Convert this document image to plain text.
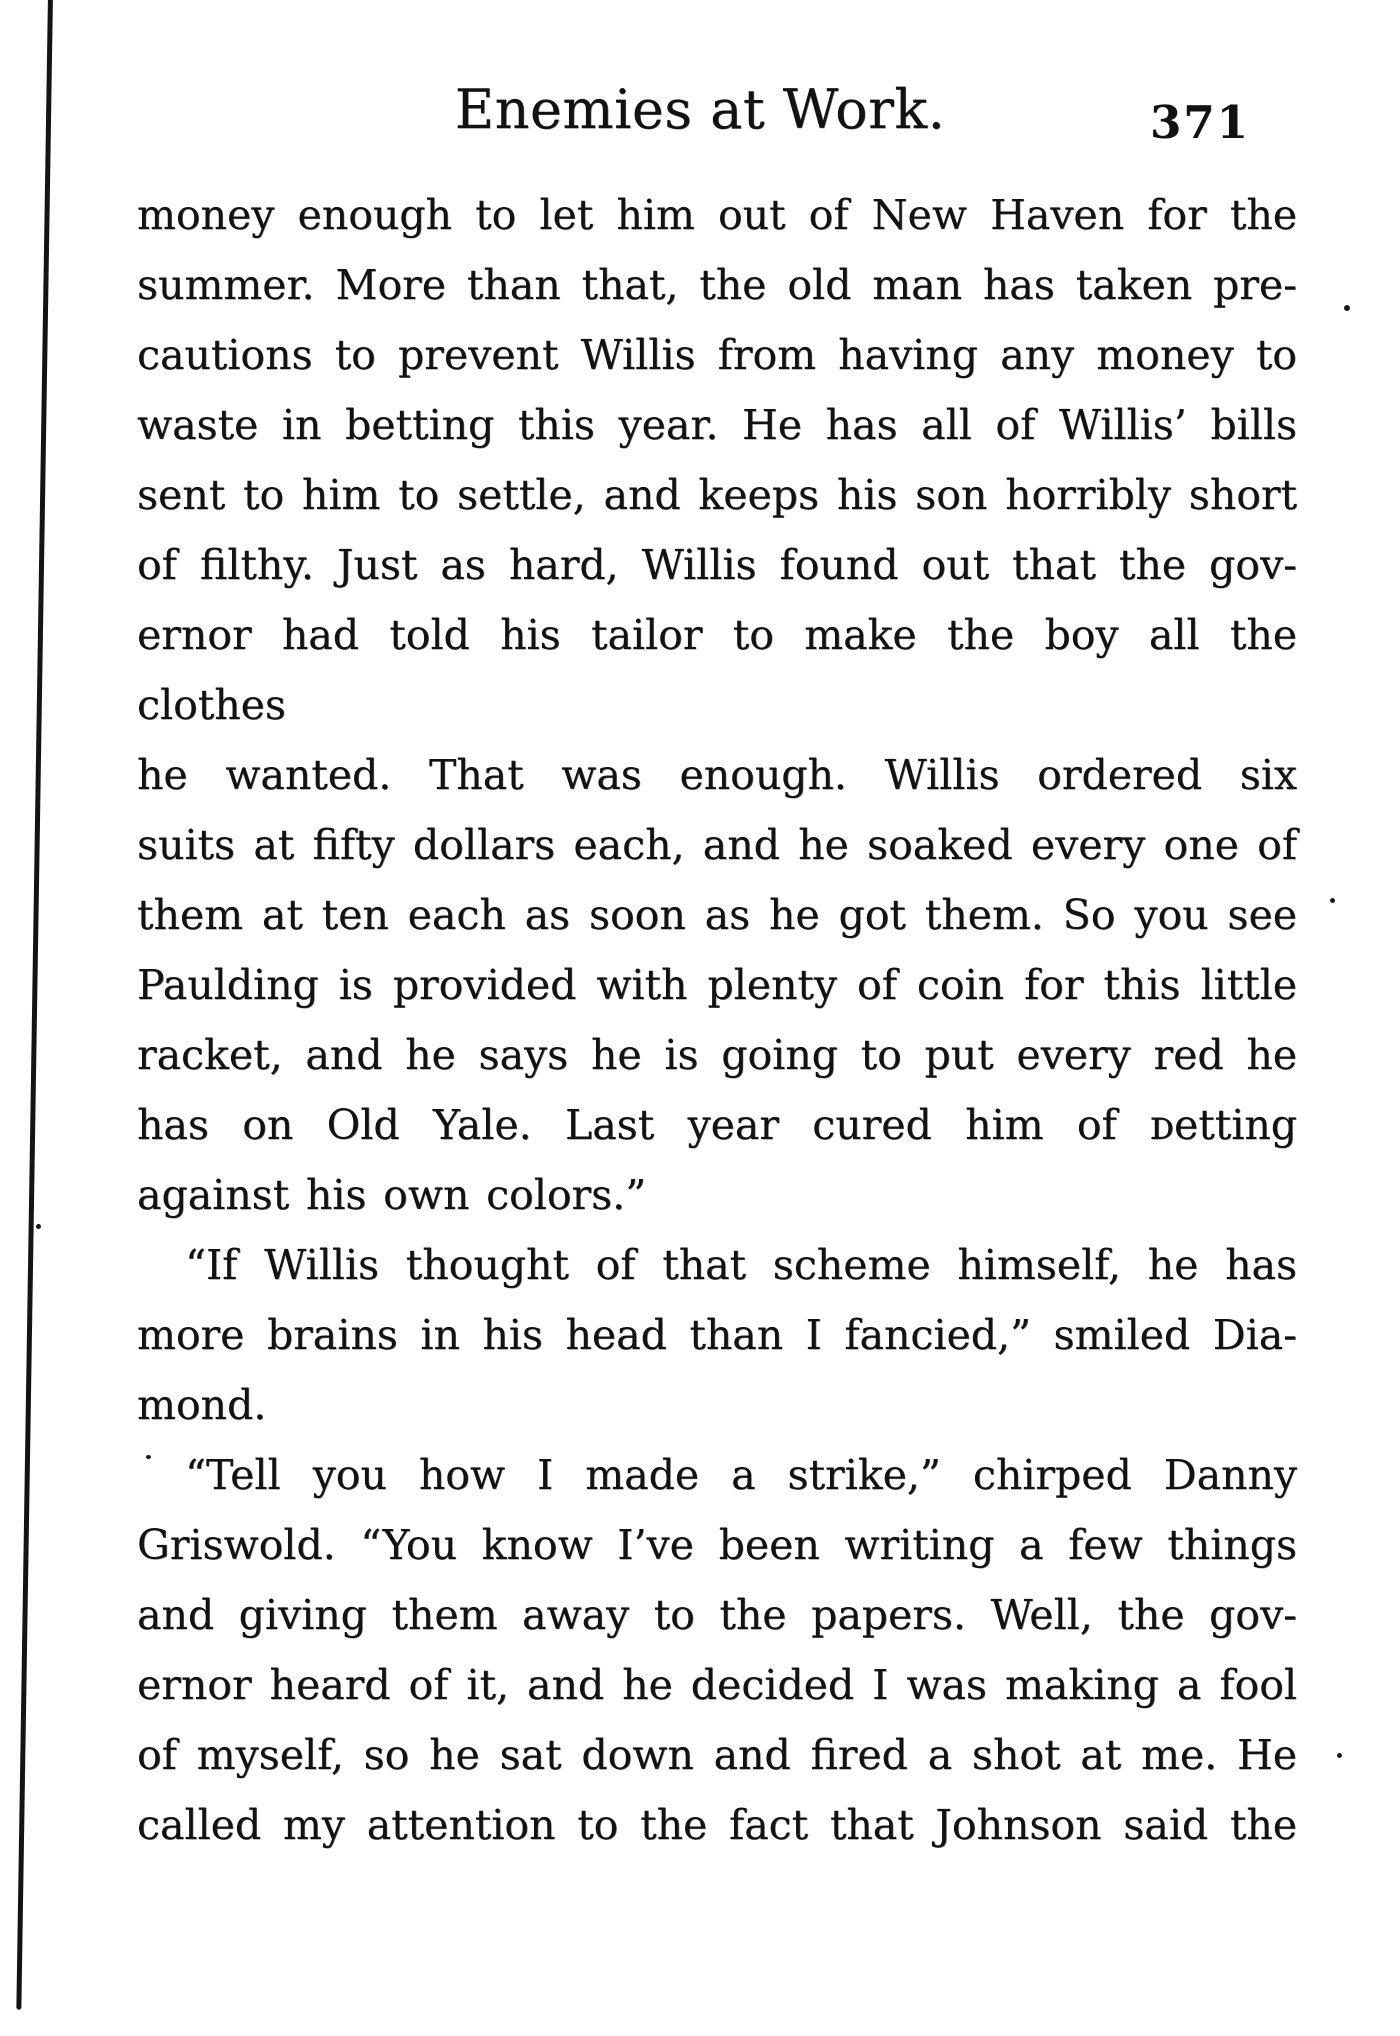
Enemies at Work.	371
money enough to let him out of New Haven for the
summer. More than that, the old man has taken pre-
cautions to prevent Willis from having any money to
waste in betting this year. He has all of Willis’ bills
sent to him to settle, and keeps his son horribly short
of filthy. Just as hard, Willis found out that the gov-
ernor had told his tailor to make the boy all the clothes
he wanted. That was enough. Willis ordered six
suits at fifty dollars each, and he soaked every one of
them at ten each as soon as he got them. So you see
Paulding is provided with plenty of coin for this little
racket, and he says he is going to put every red he
has on Old Yale. Last year cured him of ᴅetting
against his own colors.”
“If Willis thought of that scheme himself, he has
more brains in his head than I fancied,” smiled Dia-
mond.
“Tell you how I made a strike,” chirped Danny
Griswold. “You know I’ve been writing a few things
and giving them away to the papers. Well, the gov-
ernor heard of it, and he decided I was making a fool
of myself, so he sat down and fired a shot at me. He
called my attention to the fact that Johnson said the
